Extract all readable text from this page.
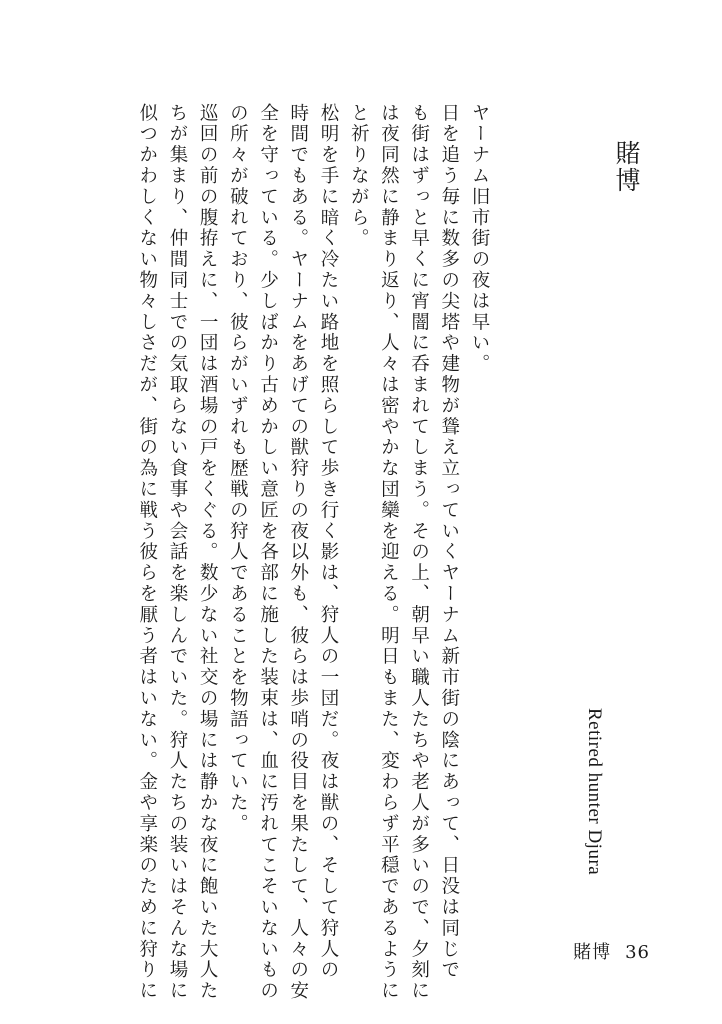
賭博
Retired hunter Djura
ヤーナム旧市街の夜は早い。
日を追う毎に数多の尖塔や建物が聳え立っていくヤーナム新市街の陰にあって、日没は同じで
も街はずっと早くに宵闇に呑まれてしまう。その上、朝早い職人たちや老人が多いので、夕刻に
は夜同然に静まり返り、人々は密やかな団欒を迎える。明日もまた、変わらず平穏であるように
と祈りながら。
松明を手に暗く冷たい路地を照らして歩き行く影は、狩人の一団だ。夜は獣の、そして狩人の
時間でもある。ヤーナムをあげての獣狩りの夜以外も、彼らは歩哨の役目を果たして、人々の安
全を守っている。少しばかり古めかしい意匠を各部に施した装束は、血に汚れてこそいないもの
の所々が破れており、彼らがいずれも歴戦の狩人であることを物語っていた。
巡回の前の腹拵えに、一団は酒場の戸をくぐる。数少ない社交の場には静かな夜に飽いた大人た
ちが集まり、仲間同士での気取らない食事や会話を楽しんでいた。狩人たちの装いはそんな場に
似つかわしくない物々しさだが、街の為に戦う彼らを厭う者はいない。金や享楽のために狩りに	賭博 36
